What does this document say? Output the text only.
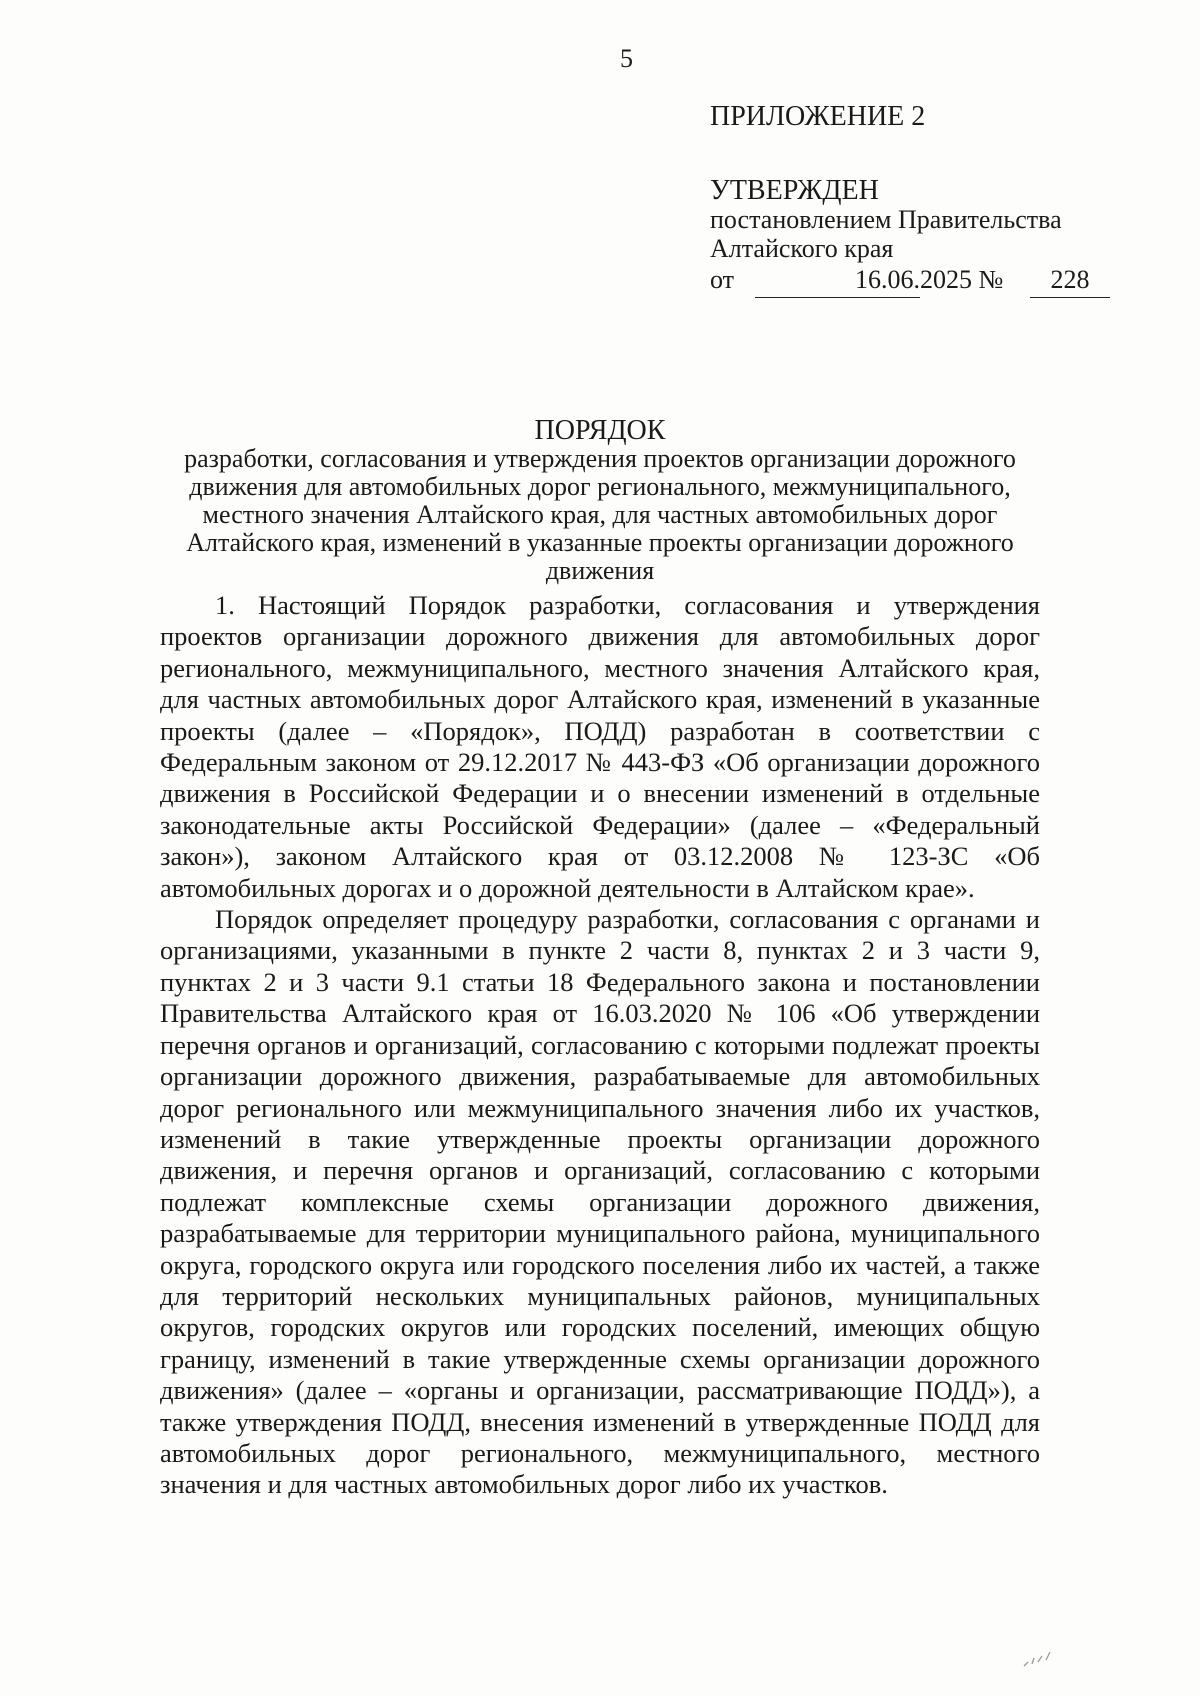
5
ПРИЛОЖЕНИЕ 2
УТВЕРЖДЕН
постановлением Правительства
Алтайского края
от	16.06. 2025 №	228
ПОРЯДОК
разработки, согласования и утверждения проектов организации дорожного движения для автомобильных дорог регионального, межмуниципального, местного значения Алтайского края, для частных автомобильных дорог Алтайского края, изменений в указанные проекты организации дорожного движения

1. Настоящий Порядок разработки, согласования и утверждения проектов организации дорожного движения для автомобильных дорог регионального, межмуниципального, местного значения Алтайского края, для частных автомобильных дорог Алтайского края, изменений в указанные проекты (далее – «Порядок», ПОДД) разработан в соответствии с Федеральным законом от 29.12.2017 № 443-ФЗ «Об организации дорожного движения в Российской Федерации и о внесении изменений в отдельные законодательные акты Российской Федерации» (далее – «Федеральный закон»), законом Алтайского края от 03.12.2008 № 123-ЗС «Об автомобильных дорогах и о дорожной деятельности в Алтайском крае».

Порядок определяет процедуру разработки, согласования с органами и организациями, указанными в пункте 2 части 8, пунктах 2 и 3 части 9, пунктах 2 и 3 части 9.1 статьи 18 Федерального закона и постановлении Правительства Алтайского края от 16.03.2020 № 106 «Об утверждении перечня органов и организаций, согласованию с которыми подлежат проекты организации дорожного движения, разрабатываемые для автомобильных дорог регионального или межмуниципального значения либо их участков, изменений в такие утвержденные проекты организации дорожного движения, и перечня органов и организаций, согласованию с которыми подлежат комплексные схемы организации дорожного движения, разрабатываемые для территории муниципального района, муниципального округа, городского округа или городского поселения либо их частей, а также для территорий нескольких муниципальных районов, муниципальных округов, городских округов или городских поселений, имеющих общую границу, изменений в такие утвержденные схемы организации дорожного движения» (далее – «органы и организации, рассматривающие ПОДД»), а также утверждения ПОДД, внесения изменений в утвержденные ПОДД для автомобильных дорог регионального, межмуниципального, местного значения и для частных автомобильных дорог либо их участков.
